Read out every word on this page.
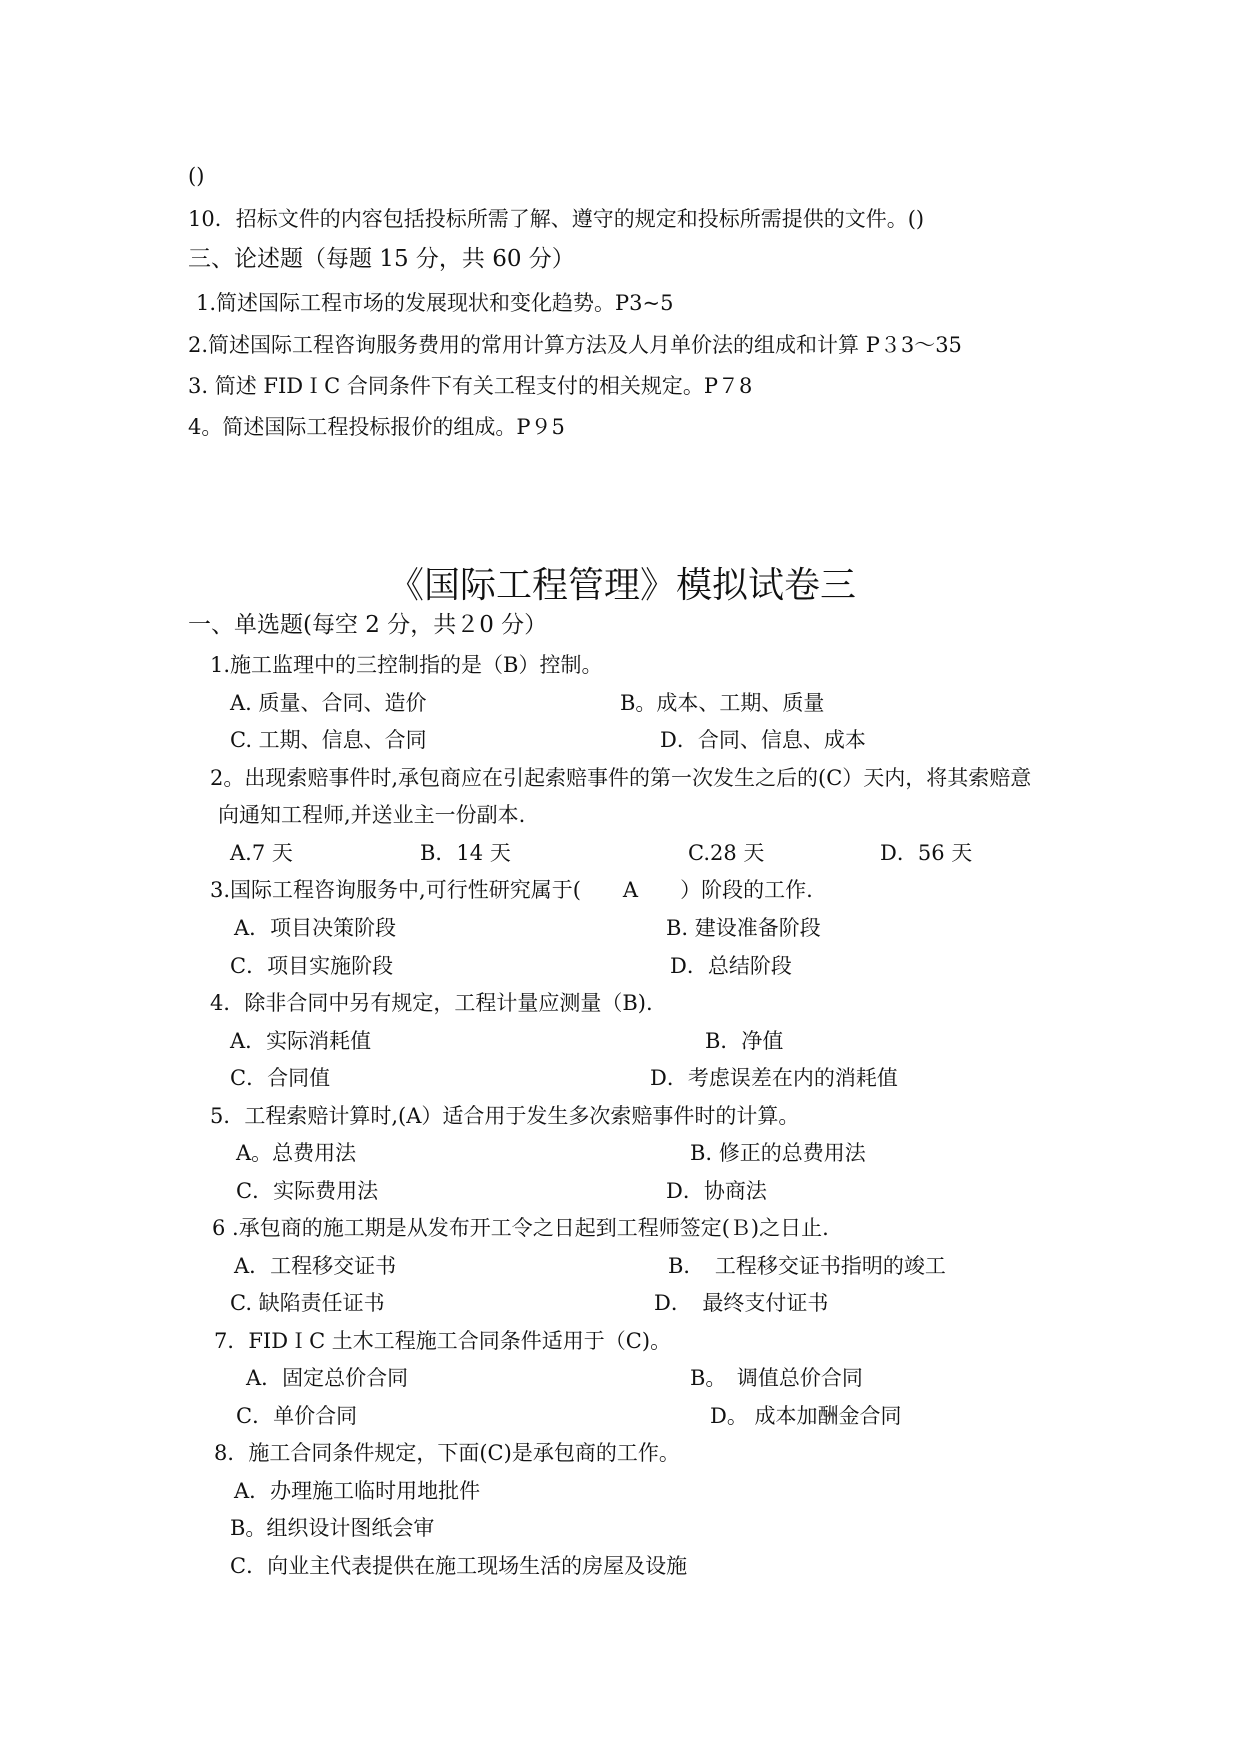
()
10．招标文件的内容包括投标所需了解、遵守的规定和投标所需提供的文件。()
三、论述题（每题 15 分，共 60 分）
1.简述国际工程市场的发展现状和变化趋势。P3~5
2.简述国际工程咨询服务费用的常用计算方法及人月单价法的组成和计算 P３3～35
3. 简述 FIDＩC 合同条件下有关工程支付的相关规定。P７8
4。简述国际工程投标报价的组成。P９5
《国际工程管理》模拟试卷三
一、单选题(每空 2 分，共２0 分）
1.施工监理中的三控制指的是（B）控制。
A. 质量、合同、造价	B。成本、工期、质量
C. 工期、信息、合同	D．合同、信息、成本
2。出现索赔事件时,承包商应在引起索赔事件的第一次发生之后的(C）天内，将其索赔意
向通知工程师,并送业主一份副本.
A.7 天	B．14 天	C.28 天	D．56 天
3.国际工程咨询服务中,可行性研究属于(　　A　　）阶段的工作.
A．项目决策阶段	B. 建设准备阶段
C．项目实施阶段	D．总结阶段
4．除非合同中另有规定，工程计量应测量（B).
A．实际消耗值	B．净值
C．合同值	D．考虑误差在内的消耗值
5．工程索赔计算时,(A）适合用于发生多次索赔事件时的计算。
A。总费用法	B. 修正的总费用法
C．实际费用法	D．协商法
6 .承包商的施工期是从发布开工令之日起到工程师签定(Ｂ)之日止.
A．工程移交证书	B．　工程移交证书指明的竣工
C. 缺陷责任证书	D．　最终支付证书
7．FIDＩC 土木工程施工合同条件适用于（C)。
A．固定总价合同	B。　调值总价合同
C．单价合同	D。 成本加酬金合同
8．施工合同条件规定，下面(C)是承包商的工作。
A．办理施工临时用地批件
B。组织设计图纸会审
C．向业主代表提供在施工现场生活的房屋及设施
